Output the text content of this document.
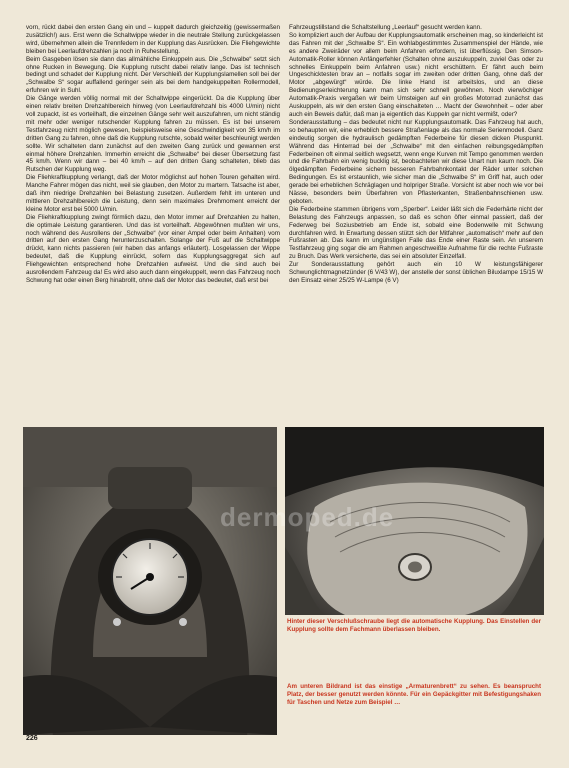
vorn, rückt dabei den ersten Gang ein und – kuppelt dadurch gleichzeitig (gewissermaßen zusätzlich!) aus. Erst wenn die Schaltwippe wieder in die neutrale Stellung zurückgelassen wird, übernehmen allein die Trennfedern in der Kupplung das Ausrücken. Die Fliehgewichte bleiben bei Leerlaufdrehzahlen ja noch in Ruhestellung.

Beim Gasgeben lösen sie dann das allmähliche Einkuppeln aus. Die „Schwalbe“ setzt sich ohne Rucken in Bewegung. Die Kupplung rutscht dabei relativ lange. Das ist technisch bedingt und schadet der Kupplung nicht. Der Verschleiß der Kupplungslamellen soll bei der „Schwalbe S“ sogar auffallend geringer sein als bei dem handgekuppelten Rollermodell, erfuhren wir in Suhl.

Die Gänge werden völlig normal mit der Schaltwippe eingerückt. Da die Kupplung über einen relativ breiten Drehzahlbereich hinweg (von Leerlaufdrehzahl bis 4000 U/min) nicht voll zupackt, ist es vorteilhaft, die einzelnen Gänge sehr weit auszufahren, um nicht ständig mit mehr oder weniger rutschender Kupplung fahren zu müssen. Es ist bei unserem Testfahrzeug nicht möglich gewesen, beispielsweise eine Geschwindigkeit von 35 km/h im dritten Gang zu fahren, ohne daß die Kupplung rutschte, sobald weiter beschleunigt werden sollte. Wir schalteten dann zunächst auf den zweiten Gang zurück und gewannen erst einmal höhere Drehzahlen. Immerhin erreicht die „Schwalbe“ bei dieser Übersetzung fast 45 km/h. Wenn wir dann – bei 40 km/h – auf den dritten Gang schalteten, blieb das Rutschen der Kupplung weg.

Die Fliehkraftkupplung verlangt, daß der Motor möglichst auf hohen Touren gehalten wird. Manche Fahrer mögen das nicht, weil sie glauben, den Motor zu martern. Tatsache ist aber, daß ihm niedrige Drehzahlen bei Belastung zusetzen. Außerdem fehlt im unteren und mittleren Drehzahlbereich die Leistung, denn sein maximales Drehmoment erreicht der kleine Motor erst bei 5000 U/min.

Die Fliehkraftkupplung zwingt förmlich dazu, den Motor immer auf Drehzahlen zu halten, die optimale Leistung garantieren. Und das ist vorteilhaft. Abgewöhnen mußten wir uns, noch während des Ausrollens der „Schwalbe“ (vor einer Ampel oder beim Anhalten) vom dritten auf den ersten Gang herunterzuschalten. Solange der Fuß auf die Schaltwippe drückt, kann nichts passieren (wir haben das anfangs erläutert). Losgelassen der Wippe bedeutet, daß die Kupplung einrückt, sofern das Kupplungsaggregat sich auf Fliehgewichten entsprechend hohe Drehzahlen aufweist. Und die sind auch bei ausrollendem Fahrzeug da! Es wird also auch dann eingekuppelt, wenn das Fahrzeug noch Schwung hat oder einen Berg hinabrollt, ohne daß der Motor das bedeutet, daß erst bei

Fahrzeugstillstand die Schaltstellung „Leerlauf“ gesucht werden kann.

So kompliziert auch der Aufbau der Kupplungsautomatik erscheinen mag, so kinderleicht ist das Fahren mit der „Schwalbe S“. Ein wohlabgestimmtes Zusammenspiel der Hände, wie es andere Zweiräder vor allem beim Anfahren erfordern, ist überflüssig. Den Simson-Automatik-Roller können Anfängerfehler (Schalten ohne auszukuppeln, zuviel Gas oder zu schnelles Einkuppeln beim Anfahren usw.) nicht erschüttern. Er fährt auch beim Ungeschicktesten brav an – notfalls sogar im zweiten oder dritten Gang, ohne daß der Motor „abgewürgt“ würde. Die linke Hand ist arbeitslos, und an diese Bedienungserleichterung kann man sich sehr schnell gewöhnen. Noch vierwöchiger Automatik-Praxis vergaßen wir beim Umsteigen auf ein großes Motorrad zunächst das Auskuppeln, als wir den ersten Gang einschalteten … Macht der Gewohnheit – oder aber auch ein Beweis dafür, daß man ja eigentlich das Kuppeln gar nicht vermißt, oder?

Sonderausstattung – das bedeutet nicht nur Kupplungsautomatik. Das Fahrzeug hat auch, so behaupten wir, eine erheblich bessere Straßenlage als das normale Serienmodell. Ganz eindeutig sorgen die hydraulisch gedämpften Federbeine für diesen dicken Pluspunkt. Während das Hinterrad bei der „Schwalbe“ mit den einfachen reibungsgedämpften Federbeinen oft einmal seitlich wegsetzt, wenn enge Kurven mit Tempo genommen werden und die Fahrbahn ein wenig bucklig ist, beobachteten wir diese Unart nun kaum noch. Die ölgedämpften Federbeine sichern besseren Fahrbahnkontakt der Räder unter solchen Bedingungen. Es ist erstaunlich, wie sicher man die „Schwalbe S“ im Griff hat, auch oder gerade bei erheblichen Schräglagen und holpriger Straße. Vorsicht ist aber noch wie vor bei Nässe, besonders beim Überfahren von Pflasterkanten, Straßenbahnschienen usw. geboten.

Die Federbeine stammen übrigens vom „Sperber“. Leider läßt sich die Federhärte nicht der Belastung des Fahrzeugs anpassen, so daß es schon öfter einmal passiert, daß der Federweg bei Soziusbetrieb am Ende ist, sobald eine Bodenwelle mit Schwung durchfahren wird. In Erwartung dessen stützt sich der Mitfahrer „automatisch“ mehr auf den Fußrasten ab. Das kann im ungünstigen Falle das Ende einer Raste sein. An unserem Testfahrzeug ging sogar die am Rahmen angeschweißte Aufnahme für die rechte Fußraste zu Bruch. Das Werk versicherte, das sei ein absoluter Einzelfall.

Zur Sonderausstattung gehört auch ein 10 W leistungsfähigerer Schwunglichtmagnetzünder (6 V/43 W), der anstelle der sonst üblichen Biluxlampe 15/15 W den Einsatz einer 25/25 W-Lampe (6 V)

dermoped.de
Hinter dieser Verschlußschraube liegt die automatische Kupplung. Das Einstellen der Kupplung sollte dem Fachmann überlassen bleiben.
Am unteren Bildrand ist das einstige „Armaturenbrett“ zu sehen. Es beansprucht Platz, der besser genutzt werden könnte. Für ein Gepäckgitter mit Befestigungshaken für Taschen und Netze zum Beispiel …
226
